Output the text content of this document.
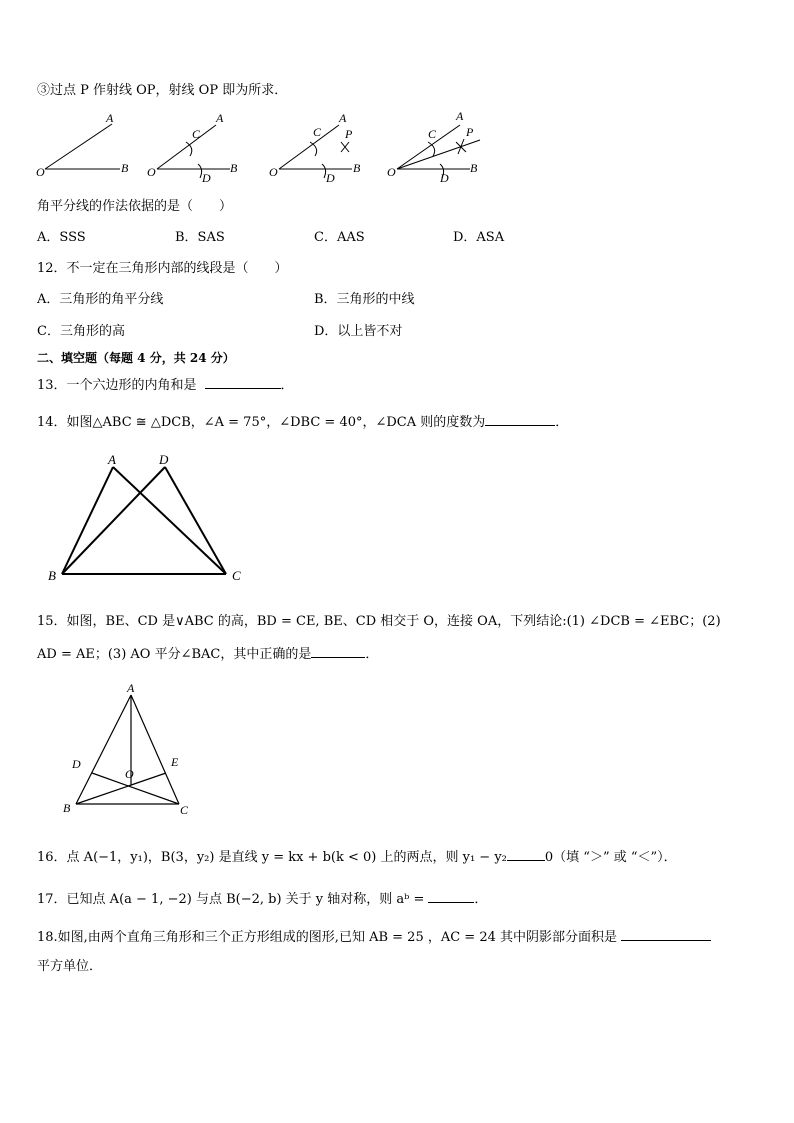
③过点 P 作射线 OP，射线 OP 即为所求．
O
A
B O
A
B
C
D	O
A
B
C P
D	O
A
B
C P
D
角平分线的作法依据的是（　　）
A．SSS	B．SAS	C．AAS	D．ASA
12．不一定在三角形内部的线段是（　　）
A．三角形的角平分线	B．三角形的中线
C．三角形的高	D．以上皆不对
二、填空题（每题 4 分，共 24 分）
13．一个六边形的内角和是	．
14．如图△ABC ≅ △DCB，∠A = 75°，∠DBC = 40°，∠DCA 则的度数为	．
A	D
B	C
15．如图，BE、CD 是∨ABC 的高，BD = CE, BE、CD 相交于 O，连接 OA，下列结论:(1) ∠DCB = ∠EBC；(2)
AD = AE；(3) AO 平分∠BAC，其中正确的是	．
A
D	E
O
B	C
16．点 A(−1，y₁)，B(3，y₂) 是直线 y = kx + b(k < 0) 上的两点，则 y₁ − y₂	0（填 “＞” 或 “＜”）．
17．已知点 A(a − 1, −2) 与点 B(−2, b) 关于 y 轴对称，则 aᵇ =	．
18.如图,由两个直角三角形和三个正方形组成的图形,已知 AB = 25 ，AC = 24 其中阴影部分面积是
平方单位．
